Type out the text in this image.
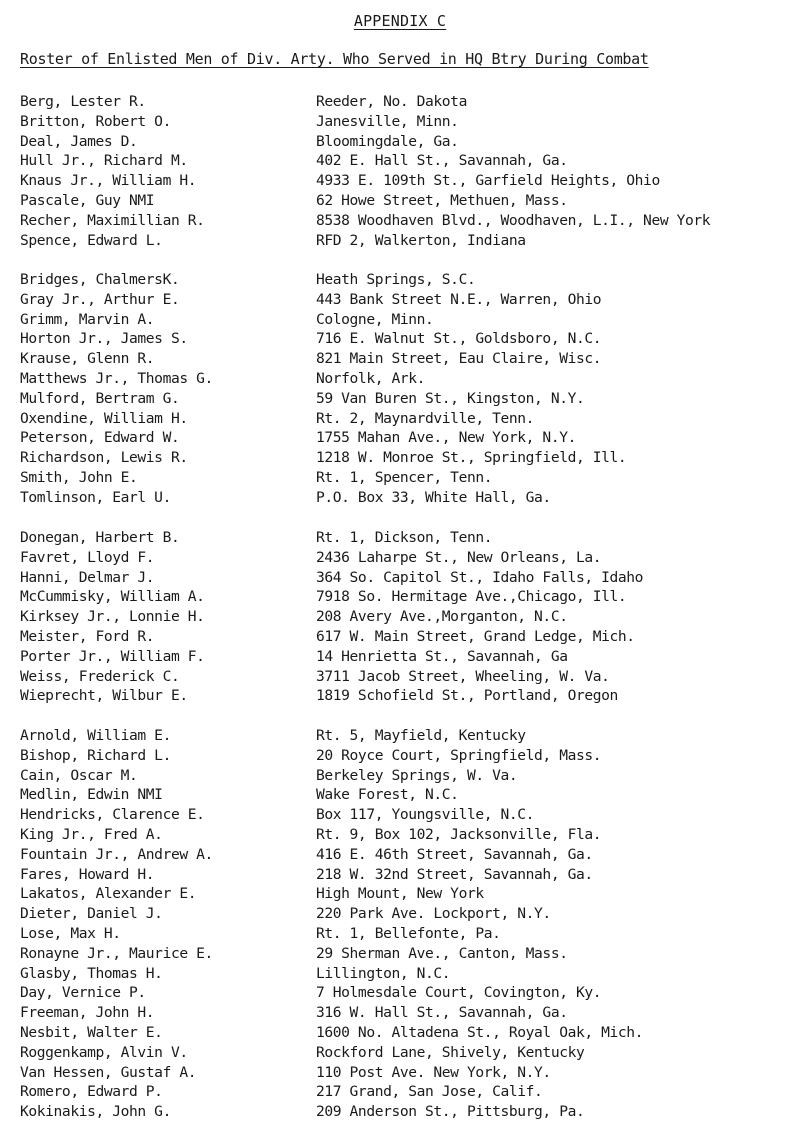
APPENDIX C
Roster of Enlisted Men of Div. Arty. Who Served in HQ Btry During Combat
Berg, Lester R.	Reeder, No. Dakota
Britton, Robert O.	Janesville, Minn.
Deal, James D.	Bloomingdale, Ga.
Hull Jr., Richard M.	402 E. Hall St., Savannah, Ga.
Knaus Jr., William H.	4933 E. 109th St., Garfield Heights, Ohio
Pascale, Guy NMI	62 Howe Street, Methuen, Mass.
Recher, Maximillian R.	8538 Woodhaven Blvd., Woodhaven, L.I., New York
Spence, Edward L.	RFD 2, Walkerton, Indiana
Bridges, ChalmersK.	Heath Springs, S.C.
Gray Jr., Arthur E.	443 Bank Street N.E., Warren, Ohio
Grimm, Marvin A.	Cologne, Minn.
Horton Jr., James S.	716 E. Walnut St., Goldsboro, N.C.
Krause, Glenn R.	821 Main Street, Eau Claire, Wisc.
Matthews Jr., Thomas G.	Norfolk, Ark.
Mulford, Bertram G.	59 Van Buren St., Kingston, N.Y.
Oxendine, William H.	Rt. 2, Maynardville, Tenn.
Peterson, Edward W.	1755 Mahan Ave., New York, N.Y.
Richardson, Lewis R.	1218 W. Monroe St., Springfield, Ill.
Smith, John E.	Rt. 1, Spencer, Tenn.
Tomlinson, Earl U.	P.O. Box 33, White Hall, Ga.
Donegan, Harbert B.	Rt. 1, Dickson, Tenn.
Favret, Lloyd F.	2436 Laharpe St., New Orleans, La.
Hanni, Delmar J.	364 So. Capitol St., Idaho Falls, Idaho
McCummisky, William A.	7918 So. Hermitage Ave.,Chicago, Ill.
Kirksey Jr., Lonnie H.	208 Avery Ave.,Morganton, N.C.
Meister, Ford R.	617 W. Main Street, Grand Ledge, Mich.
Porter Jr., William F.	14 Henrietta St., Savannah, Ga
Weiss, Frederick C.	3711 Jacob Street, Wheeling, W. Va.
Wieprecht, Wilbur E.	1819 Schofield St., Portland, Oregon
Arnold, William E.	Rt. 5, Mayfield, Kentucky
Bishop, Richard L.	20 Royce Court, Springfield, Mass.
Cain, Oscar M.	Berkeley Springs, W. Va.
Medlin, Edwin NMI	Wake Forest, N.C.
Hendricks, Clarence E.	Box 117, Youngsville, N.C.
King Jr., Fred A.	Rt. 9, Box 102, Jacksonville, Fla.
Fountain Jr., Andrew A.	416 E. 46th Street, Savannah, Ga.
Fares, Howard H.	218 W. 32nd Street, Savannah, Ga.
Lakatos, Alexander E.	High Mount, New York
Dieter, Daniel J.	220 Park Ave. Lockport, N.Y.
Lose, Max H.	Rt. 1, Bellefonte, Pa.
Ronayne Jr., Maurice E.	29 Sherman Ave., Canton, Mass.
Glasby, Thomas H.	Lillington, N.C.
Day, Vernice P.	7 Holmesdale Court, Covington, Ky.
Freeman, John H.	316 W. Hall St., Savannah, Ga.
Nesbit, Walter E.	1600 No. Altadena St., Royal Oak, Mich.
Roggenkamp, Alvin V.	Rockford Lane, Shively, Kentucky
Van Hessen, Gustaf A.	110 Post Ave. New York, N.Y.
Romero, Edward P.	217 Grand, San Jose, Calif.
Kokinakis, John G.	209 Anderson St., Pittsburg, Pa.
